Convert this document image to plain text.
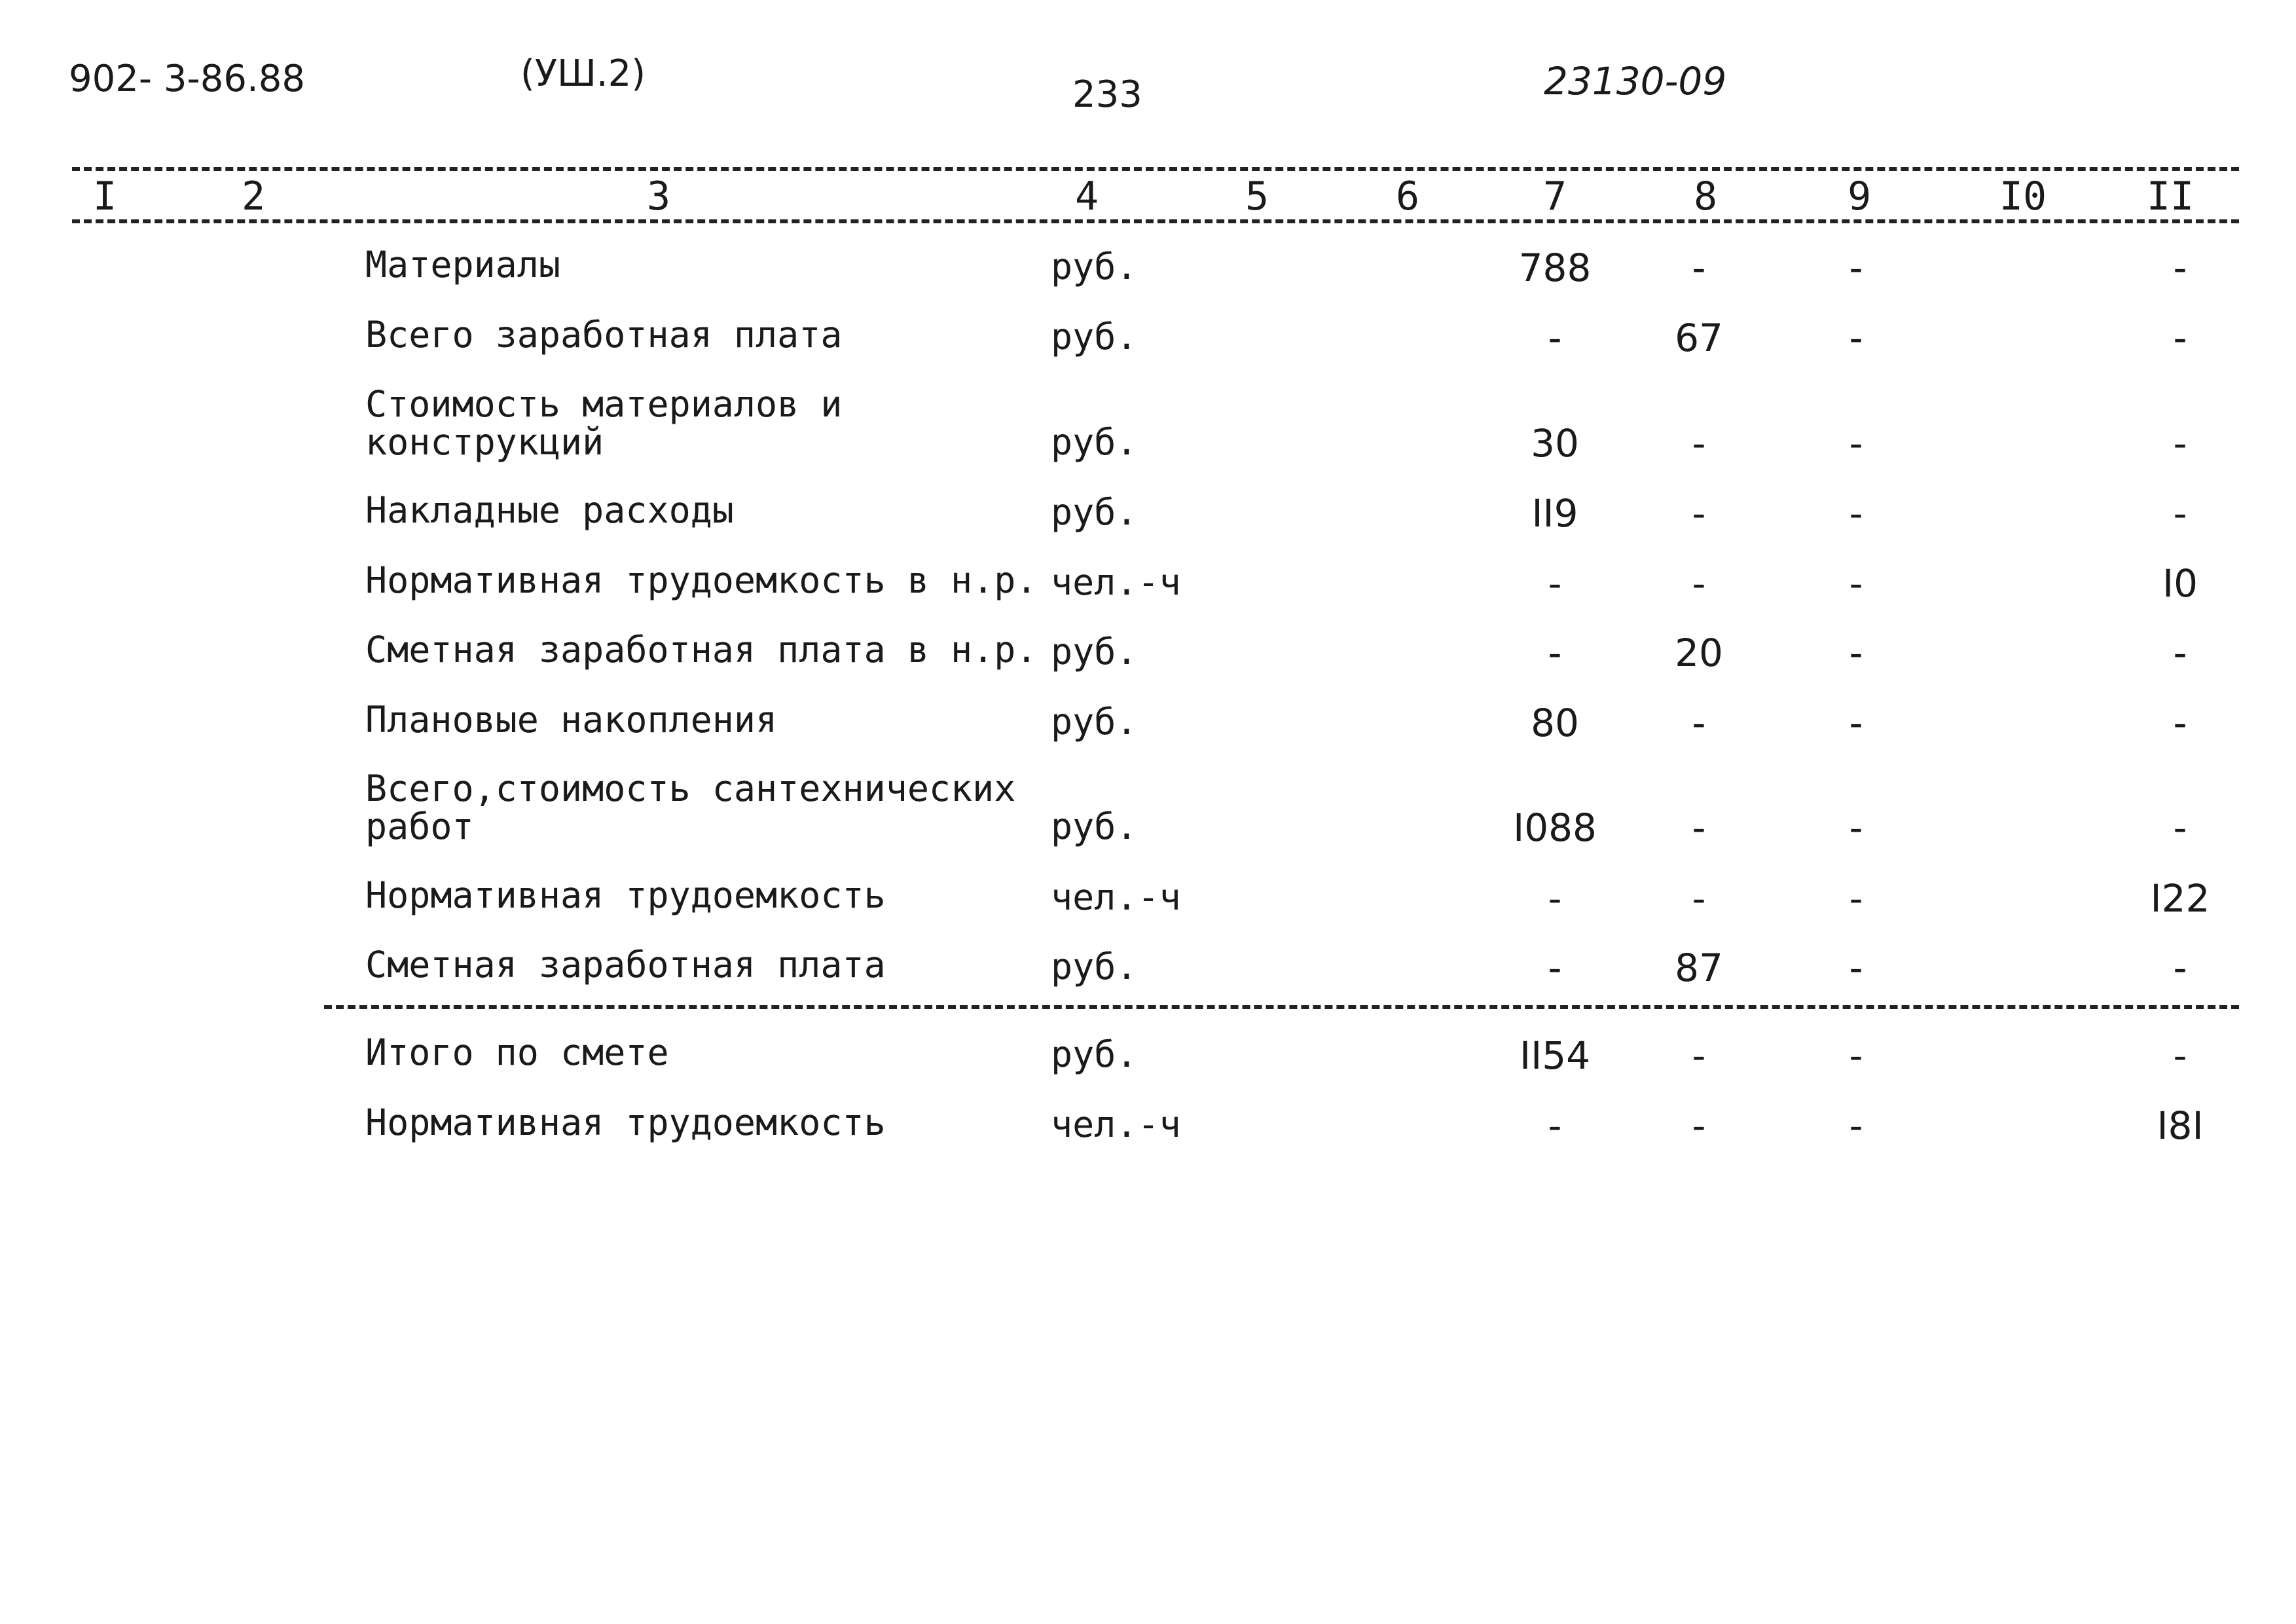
902- 3-86.88	(УШ.2)	233	23130-09
I	2	3	4	5	6	7	8	9	I0	II
Материалы	руб.	788	-	-	-
Всего заработная плата	руб.	-	67	-	-
Стоимость материалов и
конструкций	руб.	30	-	-	-
Накладные расходы	руб.	II9	-	-	-
Нормативная трудоемкость в н.р. чел.-ч	-	-	-	I0
Сметная заработная плата в н.р. руб.	-	20	-	-
Плановые накопления	руб.	80	-	-	-
Всего,стоимость сантехнических
работ	руб.	I088	-	-	-
Нормативная трудоемкость	чел.-ч	-	-	-	I22
Сметная заработная плата	руб.	-	87	-	-
Итого по смете	руб.	II54	-	-	-
Нормативная трудоемкость	чел.-ч	-	-	-	I8I
